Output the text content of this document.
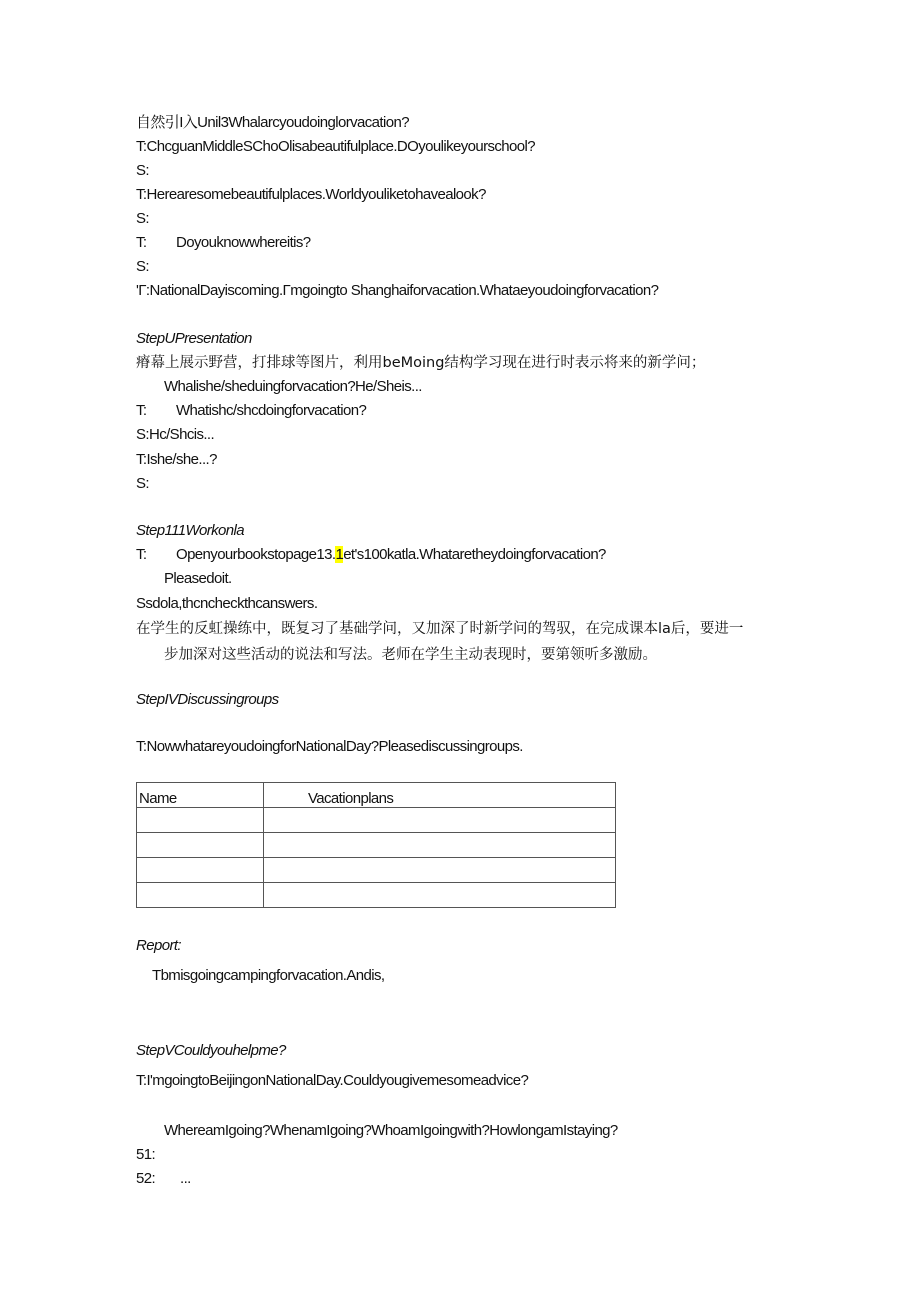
自然引I入Unil3Whalarcyoudoinglorvacation?
T:ChcguanMiddleSChoOlisabeautifulplace.DOyoulikeyourschool?
S:
T:Herearesomebeautifulplaces.Worldyouliketohavealook?
S:
T: Doyouknowwhereitis?
S:
'Γ:NationalDayiscoming.Γmgoingto Shanghaiforvacation.Whataeyoudoingforvacation?
StepUPresentation
瘠幕上展示野营，打排球等图片，利用beMoing结构学习现在进行时表示将来的新学问；
Whalishe/sheduingforvacation?He/Sheis...
T: Whatishc/shcdoingforvacation?
S:Hc/Shcis...
T:Ishe/she...?
S:
Step111Workonla
T: Openyourbookstopage13.1et's100katla.Whataretheydoingforvacation?
Pleasedoit.
Ssdola,thcncheckthcanswers.
在学生的反虹操练中，既复习了基础学问，又加深了时新学问的驾驭，在完成课本la后，要进一
步加深对这些活动的说法和写法。老师在学生主动表现时，要第领听多激励。
StepIVDiscussingroups
T:NowwhatareyoudoingforNationalDay?Pleasediscussingroups.
Name	Vacationplans

Report:
Tbmisgoingcampingforvacation.Andis,
StepVCouldyouhelpme?
T:I'mgoingtoBeijingonNationalDay.Couldyougivemesomeadvice?
WhereamIgoing?WhenamIgoing?WhoamIgoingwith?HowlongamIstaying?
51:
52: ...
